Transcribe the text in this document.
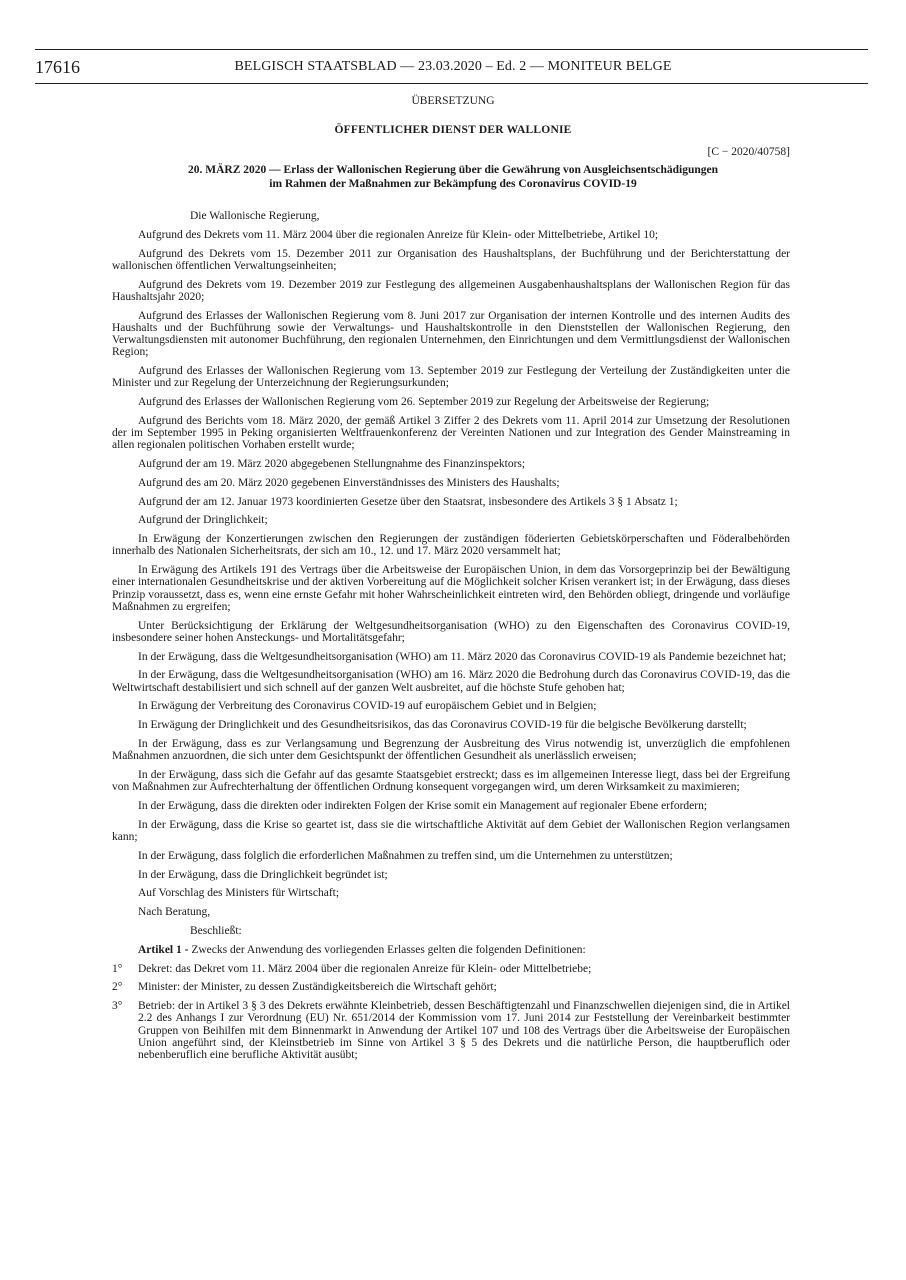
17616	BELGISCH STAATSBLAD — 23.03.2020 – Ed. 2 — MONITEUR BELGE
ÜBERSETZUNG
ÖFFENTLICHER DIENST DER WALLONIE
[C − 2020/40758]
20. MÄRZ 2020 — Erlass der Wallonischen Regierung über die Gewährung von Ausgleichsentschädigungen
im Rahmen der Maßnahmen zur Bekämpfung des Coronavirus COVID-19

Die Wallonische Regierung,

Aufgrund des Dekrets vom 11. März 2004 über die regionalen Anreize für Klein- oder Mittelbetriebe, Artikel 10;

Aufgrund des Dekrets vom 15. Dezember 2011 zur Organisation des Haushaltsplans, der Buchführung und der Berichterstattung der wallonischen öffentlichen Verwaltungseinheiten;

Aufgrund des Dekrets vom 19. Dezember 2019 zur Festlegung des allgemeinen Ausgabenhaushaltsplans der Wallonischen Region für das Haushaltsjahr 2020;

Aufgrund des Erlasses der Wallonischen Regierung vom 8. Juni 2017 zur Organisation der internen Kontrolle und des internen Audits des Haushalts und der Buchführung sowie der Verwaltungs- und Haushaltskontrolle in den Dienststellen der Wallonischen Regierung, den Verwaltungsdiensten mit autonomer Buchführung, den regionalen Unternehmen, den Einrichtungen und dem Vermittlungsdienst der Wallonischen Region;

Aufgrund des Erlasses der Wallonischen Regierung vom 13. September 2019 zur Festlegung der Verteilung der Zuständigkeiten unter die Minister und zur Regelung der Unterzeichnung der Regierungsurkunden;

Aufgrund des Erlasses der Wallonischen Regierung vom 26. September 2019 zur Regelung der Arbeitsweise der Regierung;

Aufgrund des Berichts vom 18. März 2020, der gemäß Artikel 3 Ziffer 2 des Dekrets vom 11. April 2014 zur Umsetzung der Resolutionen der im September 1995 in Peking organisierten Weltfrauenkonferenz der Vereinten Nationen und zur Integration des Gender Mainstreaming in allen regionalen politischen Vorhaben erstellt wurde;

Aufgrund der am 19. März 2020 abgegebenen Stellungnahme des Finanzinspektors;

Aufgrund des am 20. März 2020 gegebenen Einverständnisses des Ministers des Haushalts;

Aufgrund der am 12. Januar 1973 koordinierten Gesetze über den Staatsrat, insbesondere des Artikels 3 § 1 Absatz 1;

Aufgrund der Dringlichkeit;

In Erwägung der Konzertierungen zwischen den Regierungen der zuständigen föderierten Gebietskörperschaften und Föderalbehörden innerhalb des Nationalen Sicherheitsrats, der sich am 10., 12. und 17. März 2020 versammelt hat;

In Erwägung des Artikels 191 des Vertrags über die Arbeitsweise der Europäischen Union, in dem das Vorsorgeprinzip bei der Bewältigung einer internationalen Gesundheitskrise und der aktiven Vorbereitung auf die Möglichkeit solcher Krisen verankert ist; in der Erwägung, dass dieses Prinzip voraussetzt, dass es, wenn eine ernste Gefahr mit hoher Wahrscheinlichkeit eintreten wird, den Behörden obliegt, dringende und vorläufige Maßnahmen zu ergreifen;

Unter Berücksichtigung der Erklärung der Weltgesundheitsorganisation (WHO) zu den Eigenschaften des Coronavirus COVID-19, insbesondere seiner hohen Ansteckungs- und Mortalitätsgefahr;

In der Erwägung, dass die Weltgesundheitsorganisation (WHO) am 11. März 2020 das Coronavirus COVID-19 als Pandemie bezeichnet hat;

In der Erwägung, dass die Weltgesundheitsorganisation (WHO) am 16. März 2020 die Bedrohung durch das Coronavirus COVID-19, das die Weltwirtschaft destabilisiert und sich schnell auf der ganzen Welt ausbreitet, auf die höchste Stufe gehoben hat;

In Erwägung der Verbreitung des Coronavirus COVID-19 auf europäischem Gebiet und in Belgien;

In Erwägung der Dringlichkeit und des Gesundheitsrisikos, das das Coronavirus COVID-19 für die belgische Bevölkerung darstellt;

In der Erwägung, dass es zur Verlangsamung und Begrenzung der Ausbreitung des Virus notwendig ist, unverzüglich die empfohlenen Maßnahmen anzuordnen, die sich unter dem Gesichtspunkt der öffentlichen Gesundheit als unerlässlich erweisen;

In der Erwägung, dass sich die Gefahr auf das gesamte Staatsgebiet erstreckt; dass es im allgemeinen Interesse liegt, dass bei der Ergreifung von Maßnahmen zur Aufrechterhaltung der öffentlichen Ordnung konsequent vorgegangen wird, um deren Wirksamkeit zu maximieren;

In der Erwägung, dass die direkten oder indirekten Folgen der Krise somit ein Management auf regionaler Ebene erfordern;

In der Erwägung, dass die Krise so geartet ist, dass sie die wirtschaftliche Aktivität auf dem Gebiet der Wallonischen Region verlangsamen kann;

In der Erwägung, dass folglich die erforderlichen Maßnahmen zu treffen sind, um die Unternehmen zu unterstützen;

In der Erwägung, dass die Dringlichkeit begründet ist;

Auf Vorschlag des Ministers für Wirtschaft;

Nach Beratung,

Beschließt:

Artikel 1 - Zwecks der Anwendung des vorliegenden Erlasses gelten die folgenden Definitionen:

1° Dekret: das Dekret vom 11. März 2004 über die regionalen Anreize für Klein- oder Mittelbetriebe;
2° Minister: der Minister, zu dessen Zuständigkeitsbereich die Wirtschaft gehört;
3° Betrieb: der in Artikel 3 § 3 des Dekrets erwähnte Kleinbetrieb, dessen Beschäftigtenzahl und Finanzschwellen diejenigen sind, die in Artikel 2.2 des Anhangs I zur Verordnung (EU) Nr. 651/2014 der Kommission vom 17. Juni 2014 zur Feststellung der Vereinbarkeit bestimmter Gruppen von Beihilfen mit dem Binnenmarkt in Anwendung der Artikel 107 und 108 des Vertrags über die Arbeitsweise der Europäischen Union angeführt sind, der Kleinstbetrieb im Sinne von Artikel 3 § 5 des Dekrets und die natürliche Person, die hauptberuflich oder nebenberuflich eine berufliche Aktivität ausübt;
